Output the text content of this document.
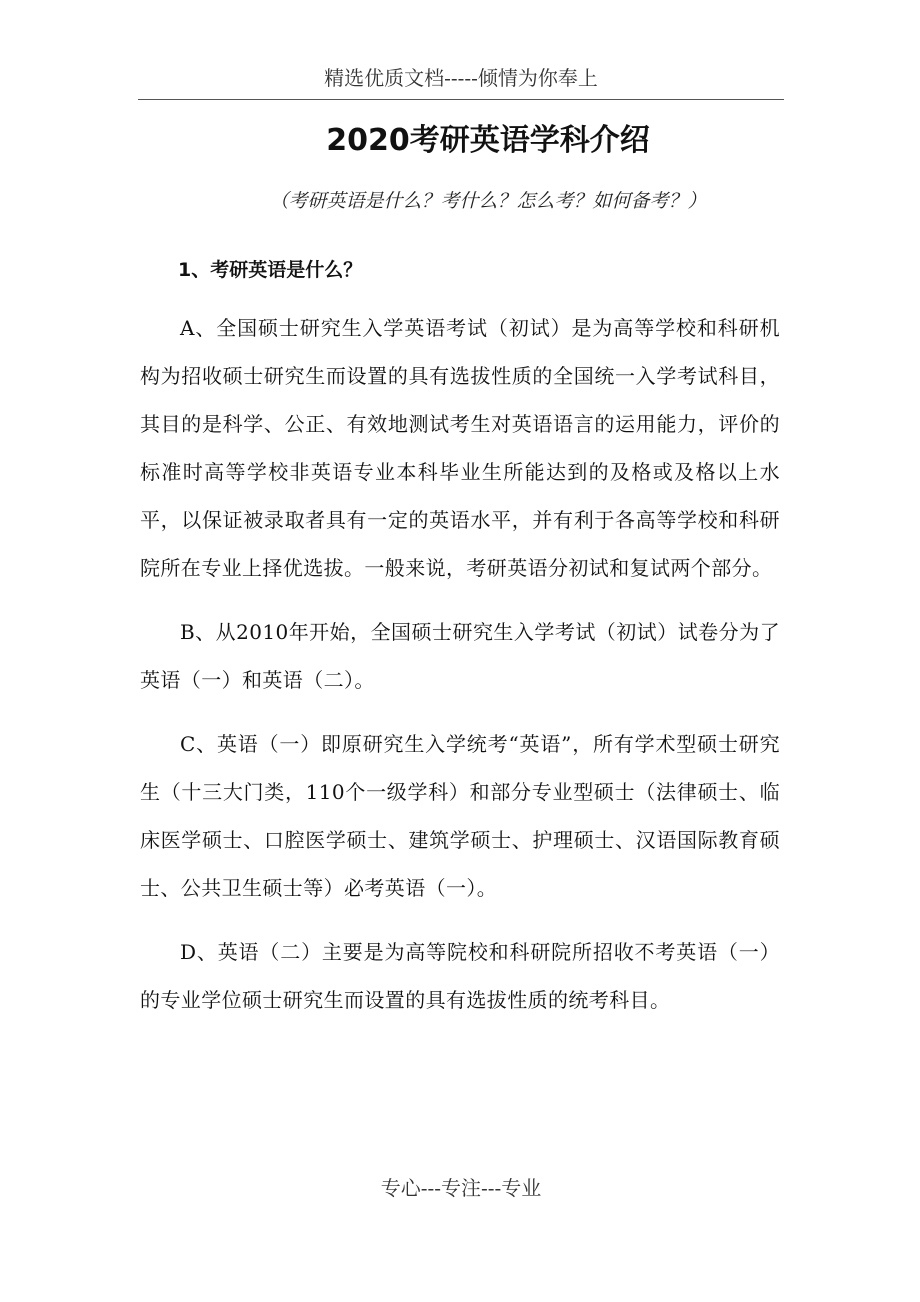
精选优质文档-----倾情为你奉上
2020考研英语学科介绍

（考研英语是什么？考什么？怎么考？如何备考？）

1、考研英语是什么？

A、全国硕士研究生入学英语考试（初试）是为高等学校和科研机构为招收硕士研究生而设置的具有选拔性质的全国统一入学考试科目，其目的是科学、公正、有效地测试考生对英语语言的运用能力，评价的标准时高等学校非英语专业本科毕业生所能达到的及格或及格以上水平，以保证被录取者具有一定的英语水平，并有利于各高等学校和科研院所在专业上择优选拔。一般来说，考研英语分初试和复试两个部分。

B、从2010年开始，全国硕士研究生入学考试（初试）试卷分为了英语（一）和英语（二）。

C、英语（一）即原研究生入学统考“英语”，所有学术型硕士研究生（十三大门类，110个一级学科）和部分专业型硕士（法律硕士、临床医学硕士、口腔医学硕士、建筑学硕士、护理硕士、汉语国际教育硕士、公共卫生硕士等）必考英语（一）。

D、英语（二）主要是为高等院校和科研院所招收不考英语（一）的专业学位硕士研究生而设置的具有选拔性质的统考科目。

专心---专注---专业
